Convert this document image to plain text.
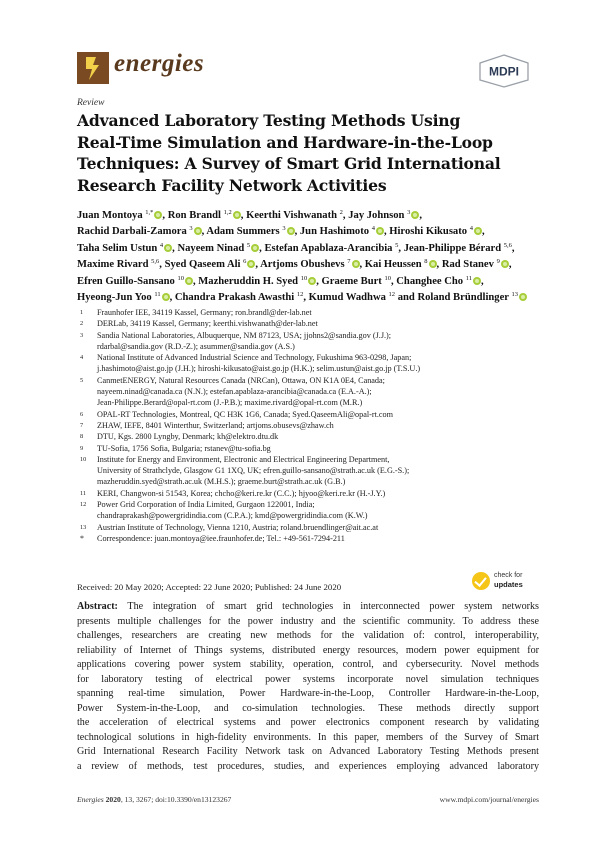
energies	MDPI
Review
Advanced Laboratory Testing Methods Using
Real-Time Simulation and Hardware-in-the-Loop
Techniques: A Survey of Smart Grid International
Research Facility Network Activities
Juan Montoya $^{1,*}$ , Ron Brandl $^{1,2}$ , Keerthi Vishwanath $^2$, Jay Johnson $^3$ ,
Rachid Darbali-Zamora $^3$ , Adam Summers $^3$ , Jun Hashimoto $^4$ , Hiroshi Kikusato $^4$ ,
Taha Selim Ustun $^4$ , Nayeem Ninad $^5$ , Estefan Apablaza-Arancibia $^5$, Jean-Philippe Bérard $^{5,6}$,
Maxime Rivard $^{5,6}$, Syed Qaseem Ali $^6$ , Artjoms Obushevs $^7$ , Kai Heussen $^8$ , Rad Stanev $^9$ ,
Efren Guillo-Sansano $^{10}$ , Mazheruddin H. Syed $^{10}$ , Graeme Burt $^{10}$, Changhee Cho $^{11}$ ,
Hyeong-Jun Yoo $^{11}$ , Chandra Prakash Awasthi $^{12}$, Kumud Wadhwa $^{12}$ and Roland Bründlinger $^{13}$
1	Fraunhofer IEE, 34119 Kassel, Germany; ron.brandl@der-lab.net
2	DERLab, 34119 Kassel, Germany; keerthi.vishwanath@der-lab.net
3	Sandia National Laboratories, Albuquerque, NM 87123, USA; jjohns2@sandia.gov (J.J.);
rdarbal@sandia.gov (R.D.-Z.); asummer@sandia.gov (A.S.)
4	National Institute of Advanced Industrial Science and Technology, Fukushima 963-0298, Japan;
j.hashimoto@aist.go.jp (J.H.); hiroshi-kikusato@aist.go.jp (H.K.); selim.ustun@aist.go.jp (T.S.U.)
5	CanmetENERGY, Natural Resources Canada (NRCan), Ottawa, ON K1A 0E4, Canada;
nayeem.ninad@canada.ca (N.N.); estefan.apablaza-arancibia@canada.ca (E.A.-A.);
Jean-Philippe.Berard@opal-rt.com (J.-P.B.); maxime.rivard@opal-rt.com (M.R.)
6	OPAL-RT Technologies, Montreal, QC H3K 1G6, Canada; Syed.QaseemAli@opal-rt.com
7	ZHAW, IEFE, 8401 Winterthur, Switzerland; artjoms.obusevs@zhaw.ch
8	DTU, Kgs. 2800 Lyngby, Denmark; kh@elektro.dtu.dk
9	TU-Sofia, 1756 Sofia, Bulgaria; rstanev@tu-sofia.bg
10	Institute for Energy and Environment, Electronic and Electrical Engineering Department,
University of Strathclyde, Glasgow G1 1XQ, UK; efren.guillo-sansano@strath.ac.uk (E.G.-S.);
mazheruddin.syed@strath.ac.uk (M.H.S.); graeme.burt@strath.ac.uk (G.B.)
11	KERI, Changwon-si 51543, Korea; chcho@keri.re.kr (C.C.); hjyoo@keri.re.kr (H.-J.Y.)
12	Power Grid Corporation of India Limited, Gurgaon 122001, India;
chandraprakash@powergridindia.com (C.P.A.); kmd@powergridindia.com (K.W.)
13	Austrian Institute of Technology, Vienna 1210, Austria; roland.bruendlinger@ait.ac.at
*	Correspondence: juan.montoya@iee.fraunhofer.de; Tel.: +49-561-7294-211
Received: 20 May 2020; Accepted: 22 June 2020; Published: 24 June 2020
check for
updates
Abstract: The integration of smart grid technologies in interconnected power system networks
presents multiple challenges for the power industry and the scientific community. To address these
challenges, researchers are creating new methods for the validation of: control, interoperability,
reliability of Internet of Things systems, distributed energy resources, modern power equipment for
applications covering power system stability, operation, control, and cybersecurity. Novel methods
for laboratory testing of electrical power systems incorporate novel simulation techniques
spanning real-time simulation, Power Hardware-in-the-Loop, Controller Hardware-in-the-Loop,
Power System-in-the-Loop, and co-simulation technologies. These methods directly support
the acceleration of electrical systems and power electronics component research by validating
technological solutions in high-fidelity environments. In this paper, members of the Survey of Smart
Grid International Research Facility Network task on Advanced Laboratory Testing Methods present
a review of methods, test procedures, studies, and experiences employing advanced laboratory
Energies 2020, 13, 3267; doi:10.3390/en13123267	www.mdpi.com/journal/energies
